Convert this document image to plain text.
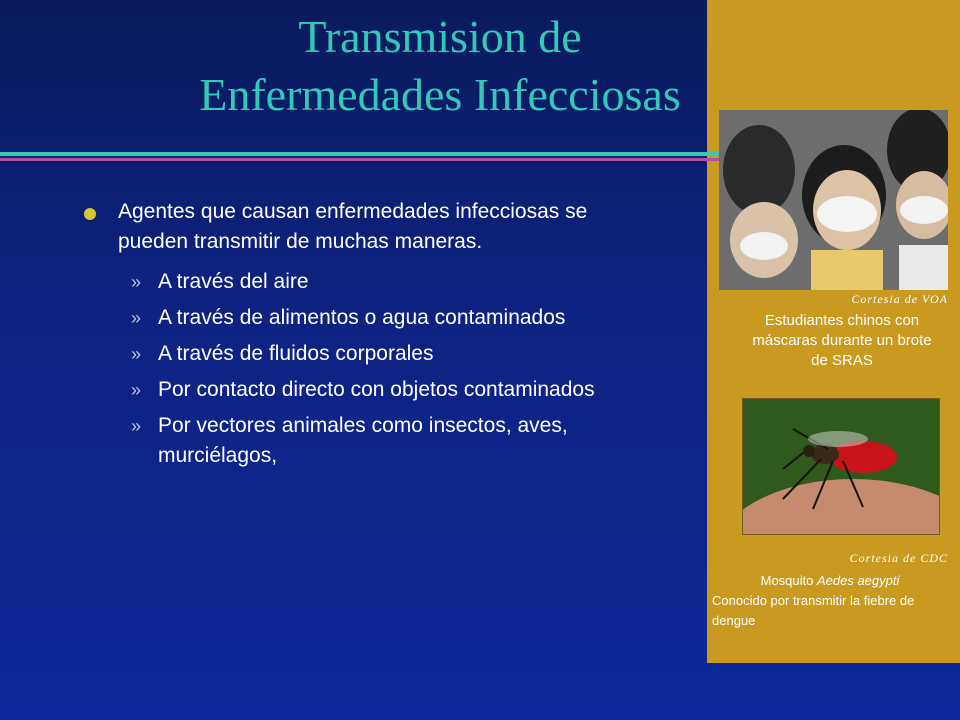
Transmision de
Enfermedades Infecciosas
Cortesia de VOA
Estudiantes chinos con máscaras durante un brote de SRAS
Cortesia de CDC
Mosquito Aedes aegypti
Conocido por transmitir la fiebre de dengue
Agentes que causan enfermedades infecciosas se pueden transmitir de muchas maneras.
» A través del aire
» A través de alimentos o agua contaminados
» A través de fluidos corporales
» Por contacto directo con objetos contaminados
» Por vectores animales como insectos, aves, murciélagos,
